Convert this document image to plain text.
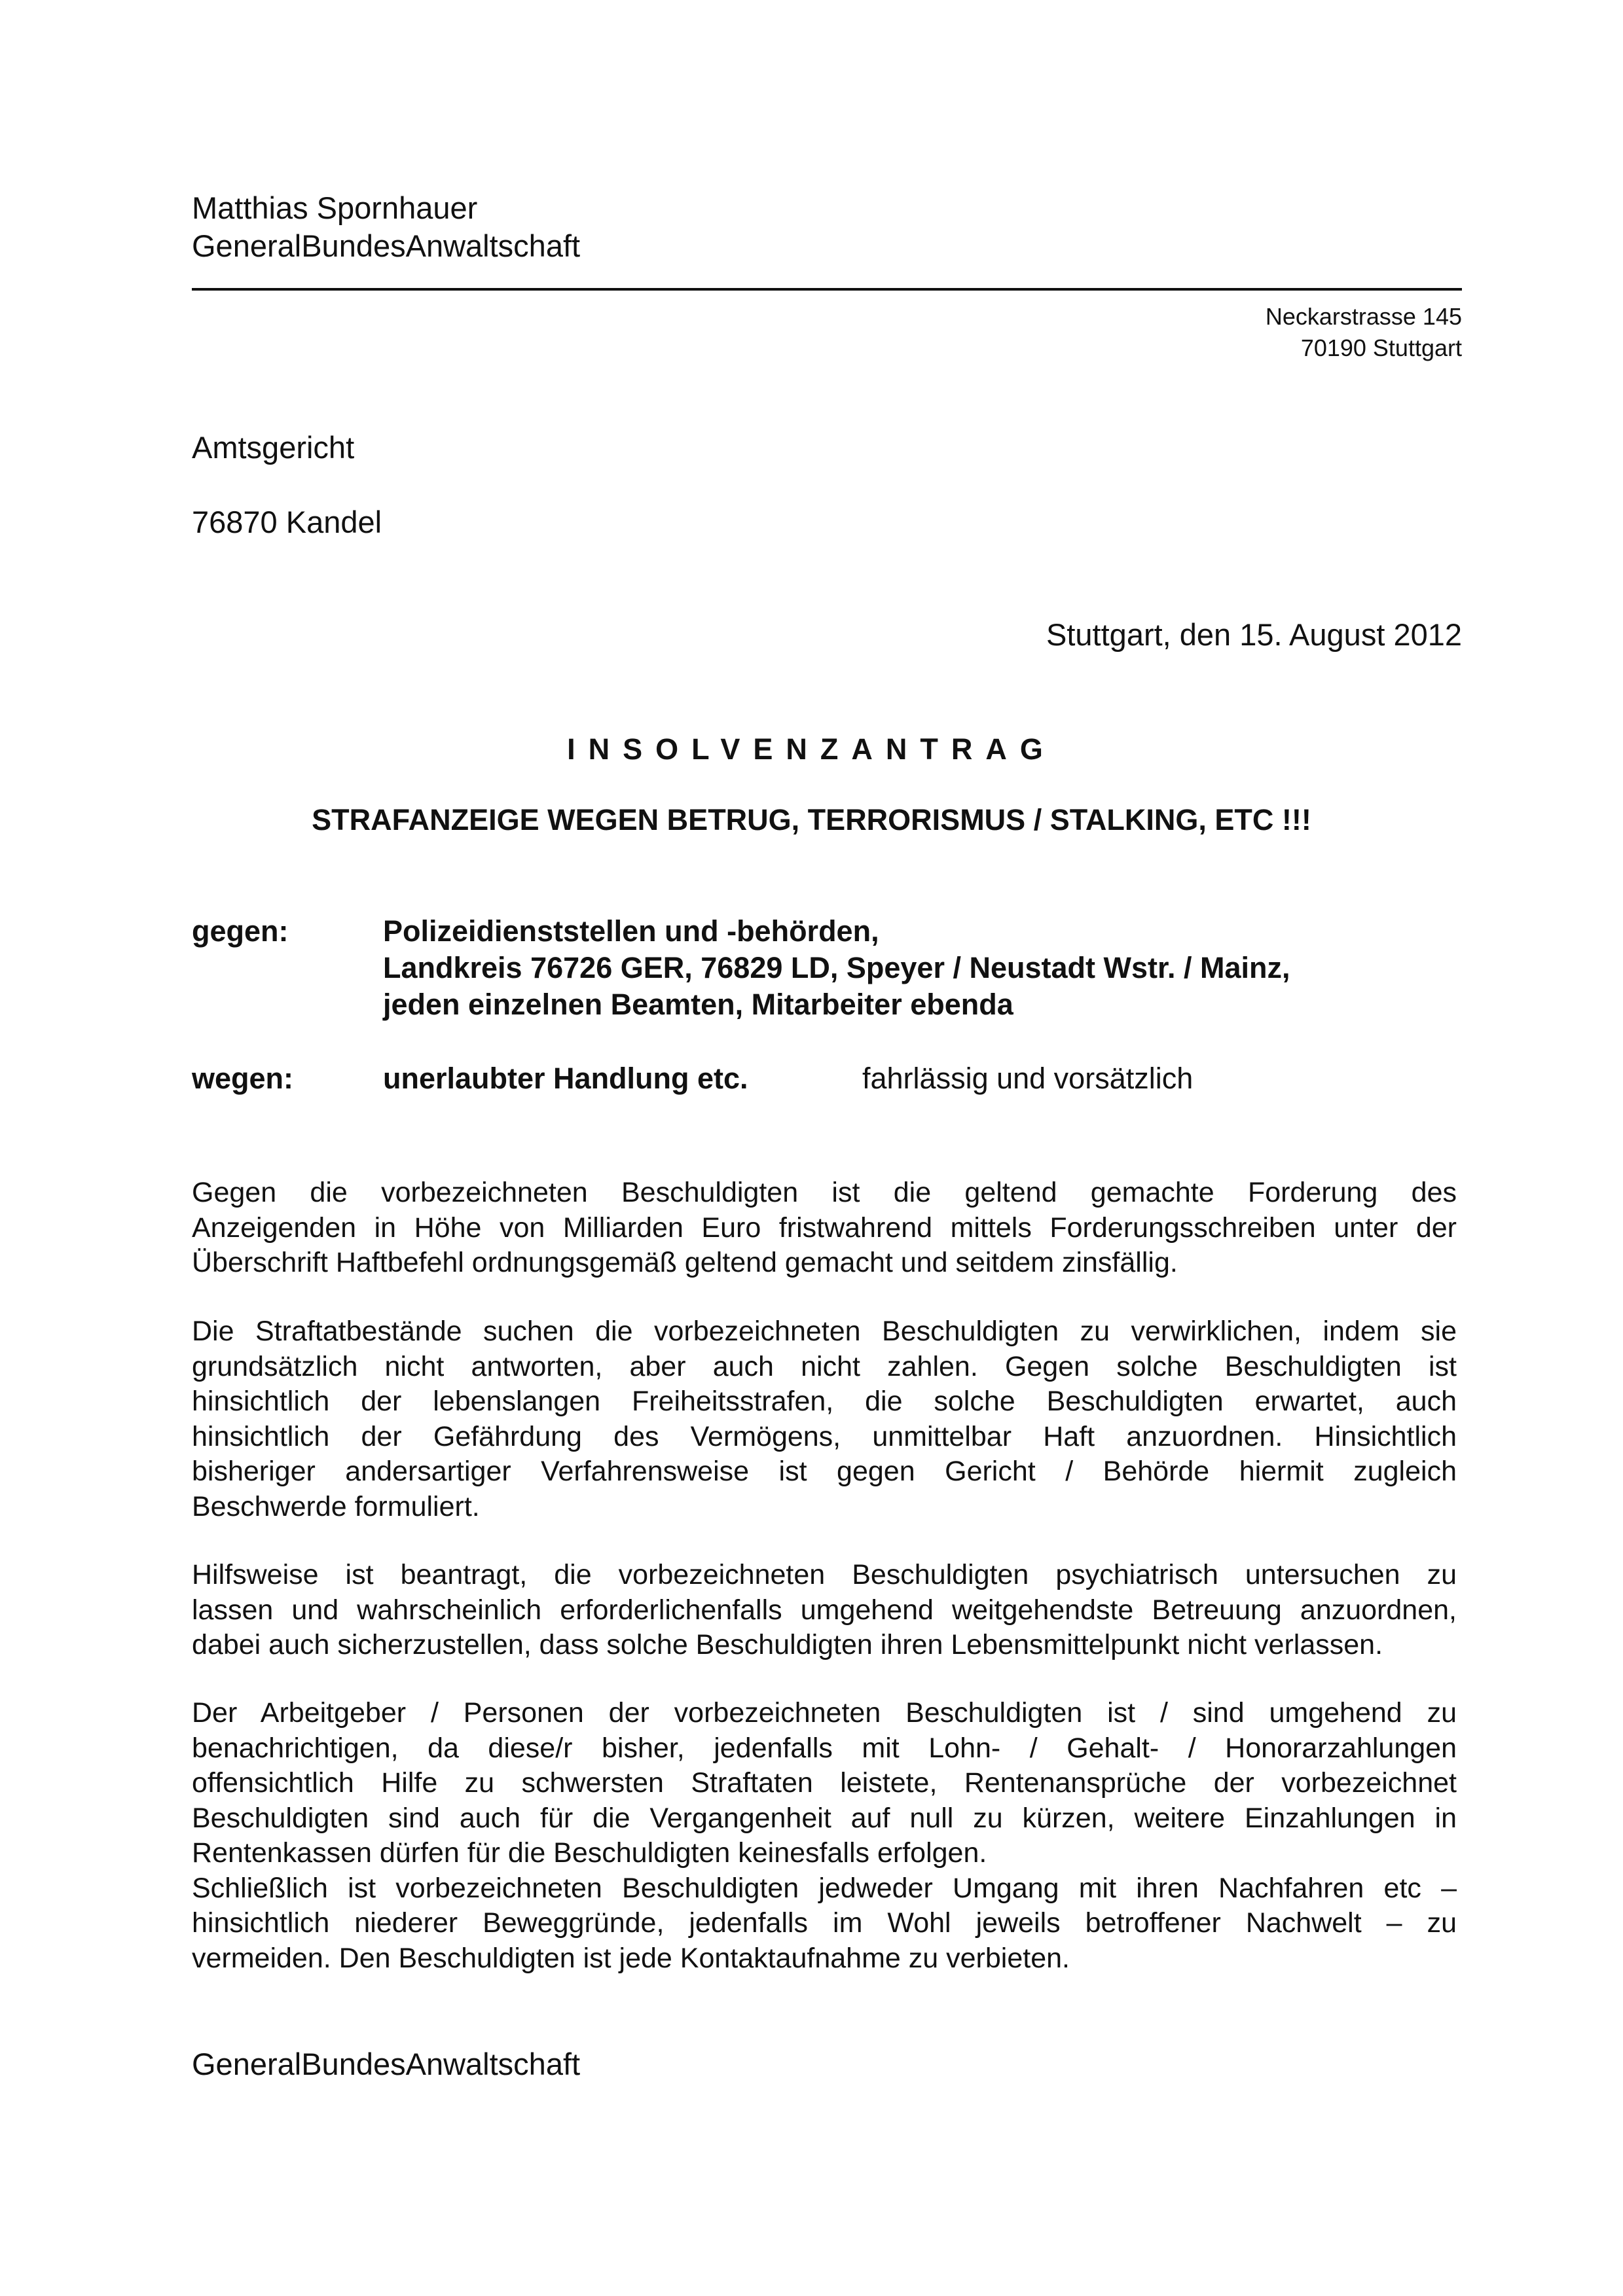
Matthias Spornhauer

GeneralBundesAnwaltschaft

Neckarstrasse 145

70190 Stuttgart

Amtsgericht

76870 Kandel

Stuttgart, den 15. August 2012

INSOLVENZANTRAG

STRAFANZEIGE WEGEN BETRUG, TERRORISMUS / STALKING, ETC !!!

gegen:	Polizeidienststellen und -behörden,

Landkreis 76726 GER, 76829 LD, Speyer / Neustadt Wstr. / Mainz,

jeden einzelnen Beamten, Mitarbeiter ebenda

wegen:	unerlaubter Handlung etc.	fahrlässig und vorsätzlich

Gegen die vorbezeichneten Beschuldigten ist die geltend gemachte Forderung des
Anzeigenden in Höhe von Milliarden Euro fristwahrend mittels Forderungsschreiben unter der
Überschrift Haftbefehl ordnungsgemäß geltend gemacht und seitdem zinsfällig.
Die Straftatbestände suchen die vorbezeichneten Beschuldigten zu verwirklichen, indem sie
grundsätzlich nicht antworten, aber auch nicht zahlen. Gegen solche Beschuldigten ist
hinsichtlich der lebenslangen Freiheitsstrafen, die solche Beschuldigten erwartet, auch
hinsichtlich der Gefährdung des Vermögens, unmittelbar Haft anzuordnen. Hinsichtlich
bisheriger andersartiger Verfahrensweise ist gegen Gericht / Behörde hiermit zugleich
Beschwerde formuliert.
Hilfsweise ist beantragt, die vorbezeichneten Beschuldigten psychiatrisch untersuchen zu
lassen und wahrscheinlich erforderlichenfalls umgehend weitgehendste Betreuung anzuordnen,
dabei auch sicherzustellen, dass solche Beschuldigten ihren Lebensmittelpunkt nicht verlassen.
Der Arbeitgeber / Personen der vorbezeichneten Beschuldigten ist / sind umgehend zu
benachrichtigen, da diese/r bisher, jedenfalls mit Lohn- / Gehalt- / Honorarzahlungen
offensichtlich Hilfe zu schwersten Straftaten leistete, Rentenansprüche der vorbezeichnet
Beschuldigten sind auch für die Vergangenheit auf null zu kürzen, weitere Einzahlungen in
Rentenkassen dürfen für die Beschuldigten keinesfalls erfolgen.
Schließlich ist vorbezeichneten Beschuldigten jedweder Umgang mit ihren Nachfahren etc –
hinsichtlich niederer Beweggründe, jedenfalls im Wohl jeweils betroffener Nachwelt – zu
vermeiden. Den Beschuldigten ist jede Kontaktaufnahme zu verbieten.

GeneralBundesAnwaltschaft
